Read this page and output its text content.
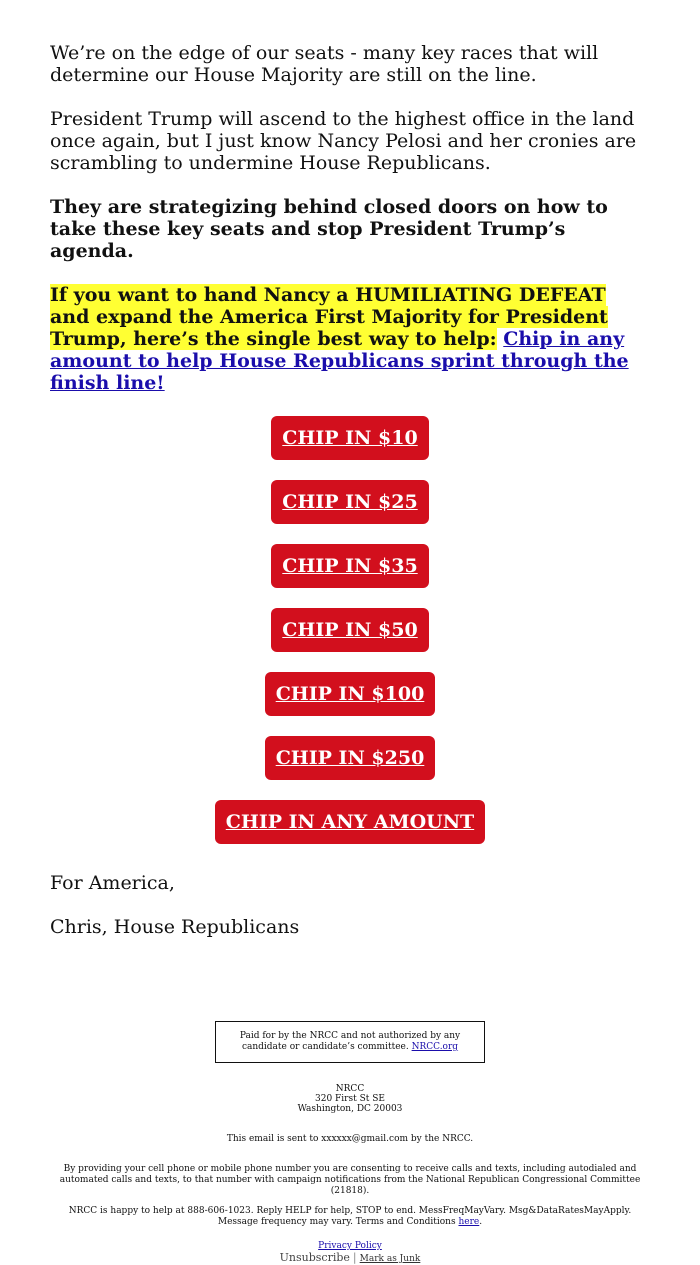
We’re on the edge of our seats - many key races that will determine our House Majority are still on the line.

President Trump will ascend to the highest office in the land once again, but I just know Nancy Pelosi and her cronies are scrambling to undermine House Republicans.

They are strategizing behind closed doors on how to take these key seats and stop President Trump’s agenda.

If you want to hand Nancy a HUMILIATING DEFEAT and expand the America First Majority for President Trump, here’s the single best way to help: Chip in any amount to help House Republicans sprint through the finish line!

CHIP IN $10
CHIP IN $25
CHIP IN $35
CHIP IN $50
CHIP IN $100
CHIP IN $250
CHIP IN ANY AMOUNT

For America,

Chris, House Republicans

Paid for by the NRCC and not authorized by any candidate or candidate’s committee. NRCC.org
NRCC
320 First St SE
Washington, DC 20003
This email is sent to xxxxxx@gmail.com by the NRCC.
By providing your cell phone or mobile phone number you are consenting to receive calls and texts, including autodialed and automated calls and texts, to that number with campaign notifications from the National Republican Congressional Committee (21818).
NRCC is happy to help at 888-606-1023. Reply HELP for help, STOP to end. MessFreqMayVary. Msg&DataRatesMayApply. Message frequency may vary. Terms and Conditions here.
Privacy Policy
Unsubscribe | Mark as Junk
